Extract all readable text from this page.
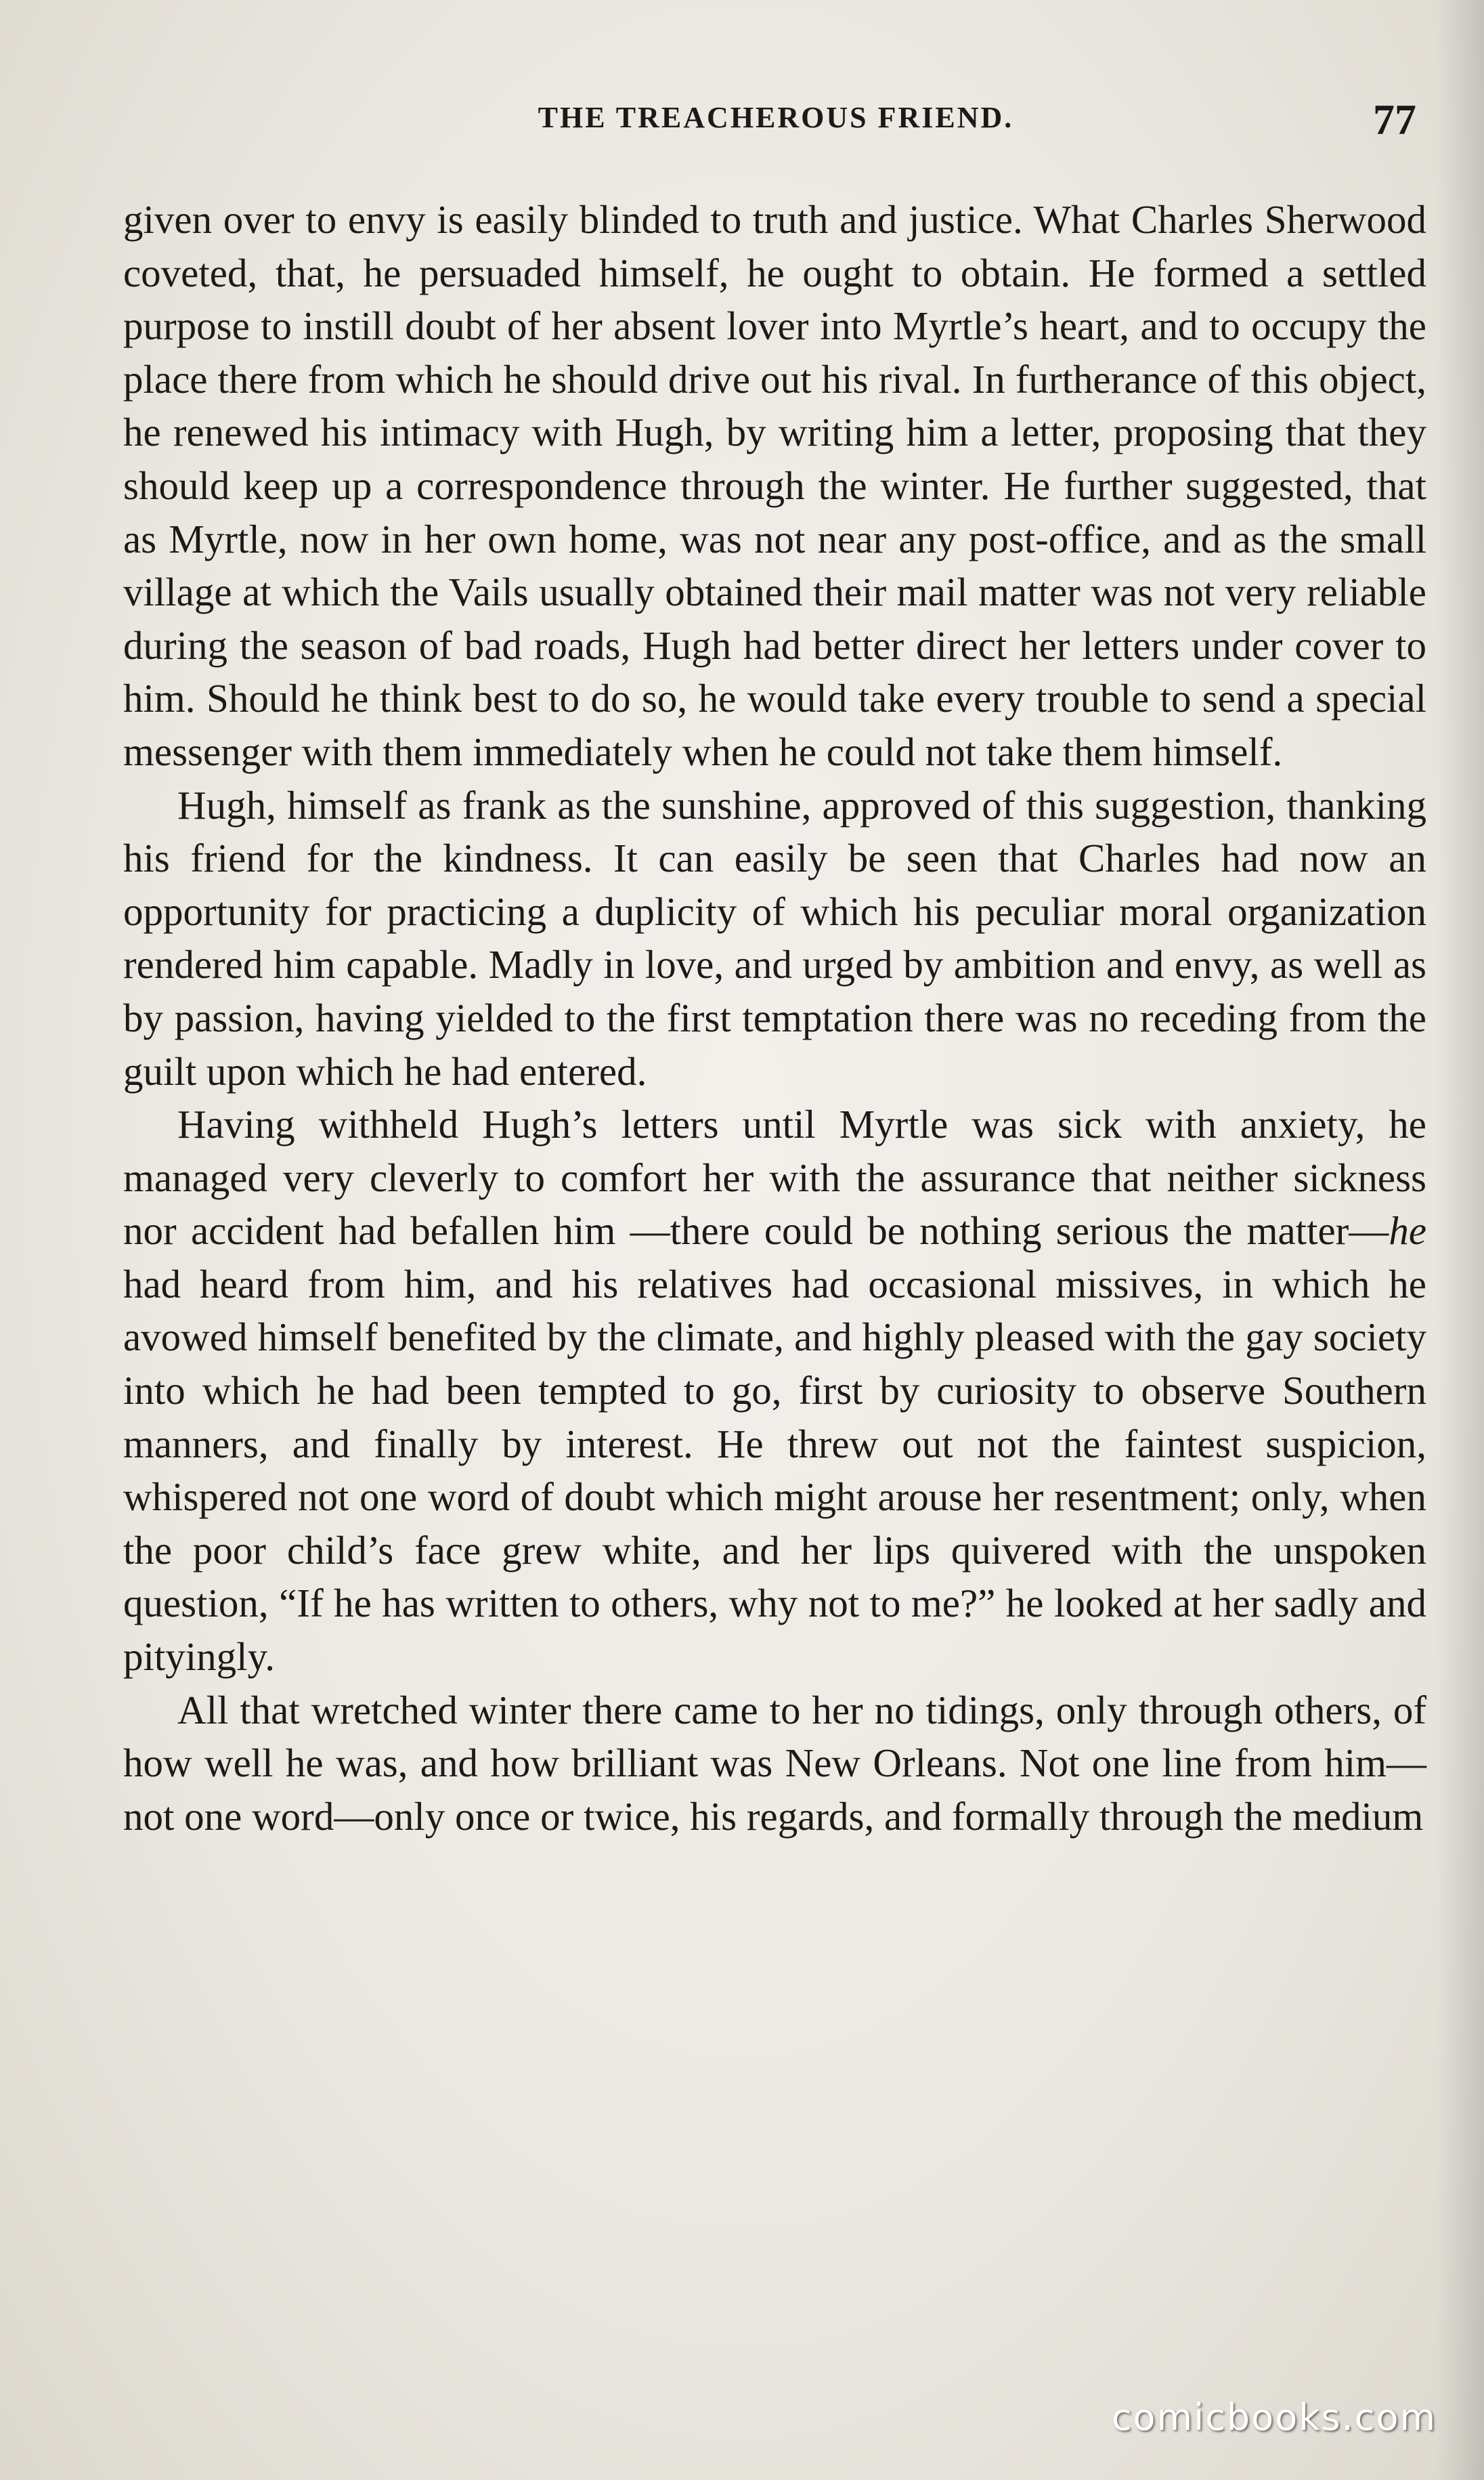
THE TREACHEROUS FRIEND.	77

given over to envy is easily blinded to truth and justice. What Charles Sherwood coveted, that, he persuaded himself, he ought to obtain. He formed a settled purpose to instill doubt of her absent lover into Myrtle’s heart, and to occupy the place there from which he should drive out his rival. In furtherance of this object, he renewed his intimacy with Hugh, by writing him a letter, proposing that they should keep up a correspondence through the winter. He further suggested, that as Myrtle, now in her own home, was not near any post-office, and as the small village at which the Vails usually obtained their mail matter was not very reliable during the season of bad roads, Hugh had better direct her letters under cover to him. Should he think best to do so, he would take every trouble to send a special messenger with them immediately when he could not take them himself.

Hugh, himself as frank as the sunshine, approved of this suggestion, thanking his friend for the kindness. It can easily be seen that Charles had now an opportunity for practicing a duplicity of which his peculiar moral organization rendered him capable. Madly in love, and urged by ambition and envy, as well as by passion, having yielded to the first temptation there was no receding from the guilt upon which he had entered.

Having withheld Hugh’s letters until Myrtle was sick with anxiety, he managed very cleverly to comfort her with the assurance that neither sickness nor accident had befallen him —there could be nothing serious the matter—he had heard from him, and his relatives had occasional missives, in which he avowed himself benefited by the climate, and highly pleased with the gay society into which he had been tempted to go, first by curiosity to observe Southern manners, and finally by interest. He threw out not the faintest suspicion, whispered not one word of doubt which might arouse her resentment; only, when the poor child’s face grew white, and her lips quivered with the unspoken question, “If he has written to others, why not to me?” he looked at her sadly and pityingly.

All that wretched winter there came to her no tidings, only through others, of how well he was, and how brilliant was New Orleans. Not one line from him—not one word—only once or twice, his regards, and formally through the medium

comicbooks.com
